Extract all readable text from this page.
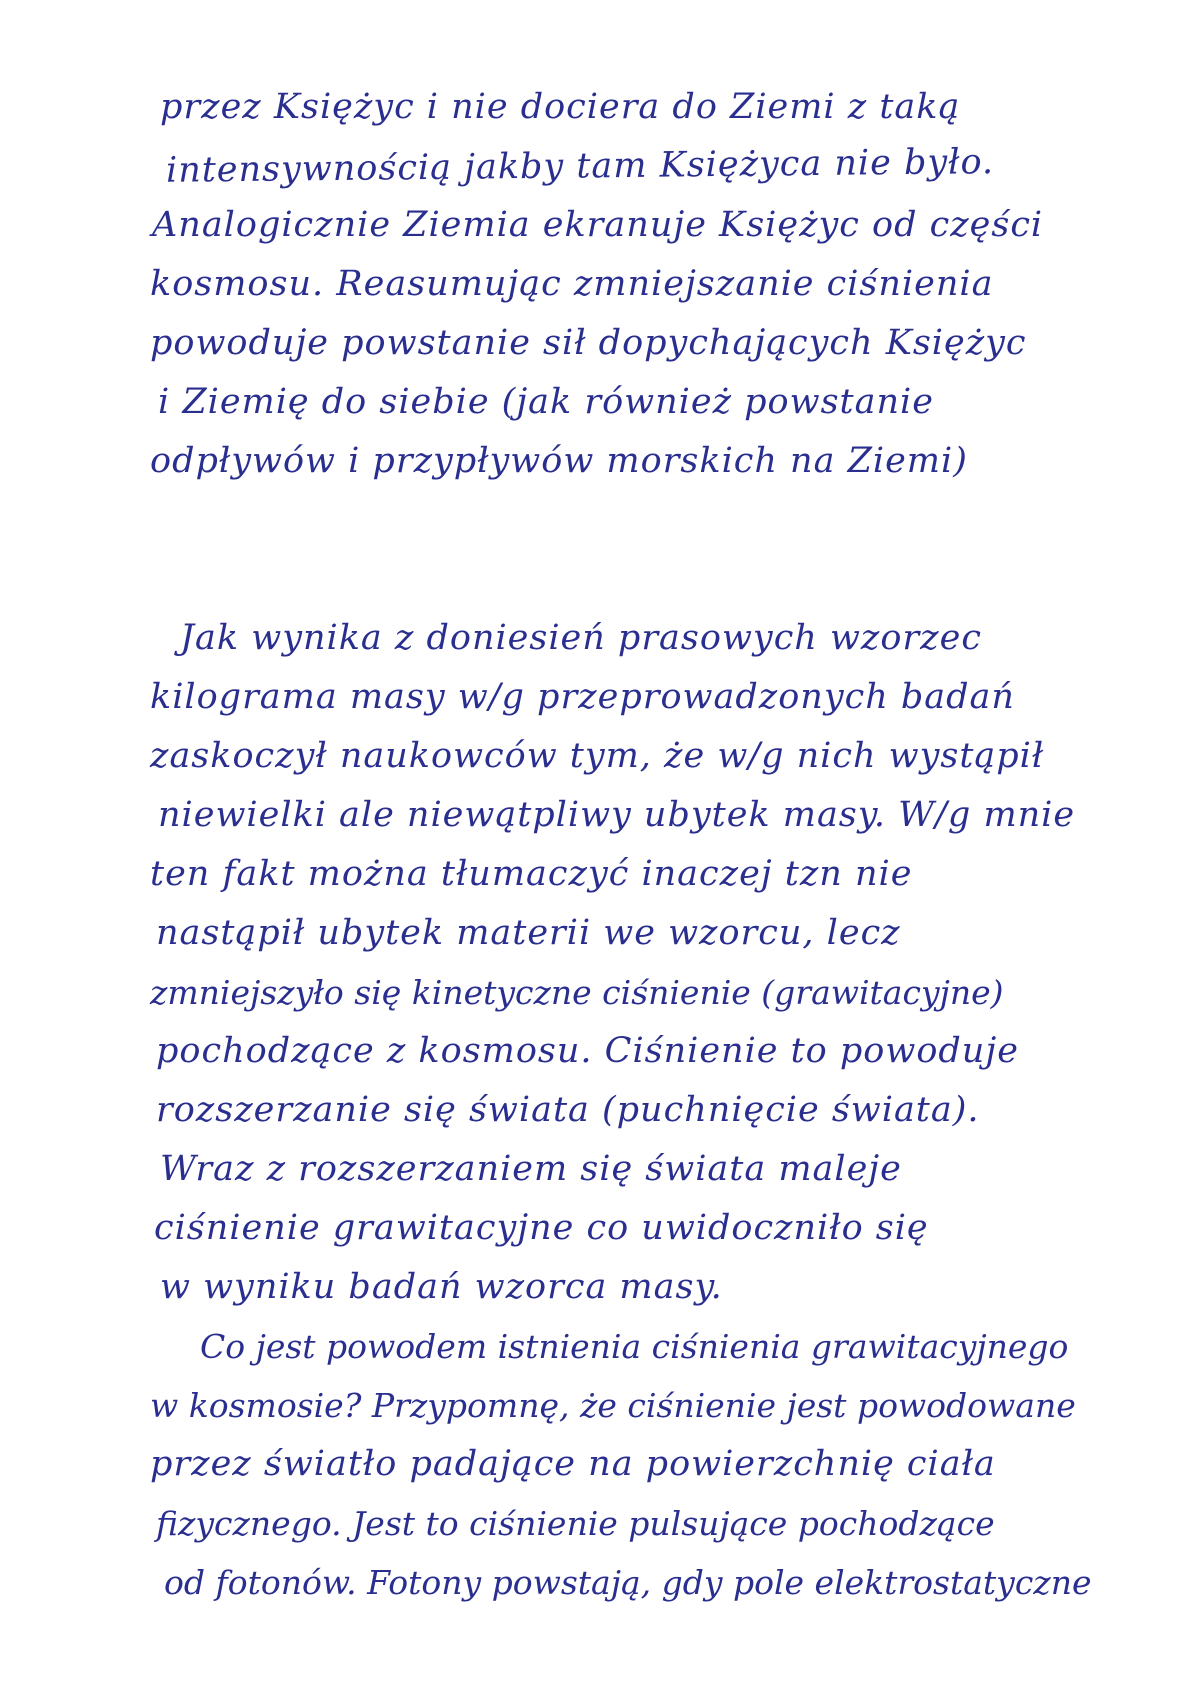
przez Księżyc i nie dociera do Ziemi z taką
intensywnością jakby tam Księżyca nie było.
Analogicznie Ziemia ekranuje Księżyc od części
kosmosu. Reasumując zmniejszanie ciśnienia
powoduje powstanie sił dopychających Księżyc
i Ziemię do siebie (jak również powstanie
odpływów i przypływów morskich na Ziemi)
Jak wynika z doniesień prasowych wzorzec
kilograma masy w/g przeprowadzonych badań
zaskoczył naukowców tym, że w/g nich wystąpił
niewielki ale niewątpliwy ubytek masy. W/g mnie
ten fakt można tłumaczyć inaczej tzn nie
nastąpił ubytek materii we wzorcu, lecz
zmniejszyło się kinetyczne ciśnienie (grawitacyjne)
pochodzące z kosmosu. Ciśnienie to powoduje
rozszerzanie się świata (puchnięcie świata).
Wraz z rozszerzaniem się świata maleje
ciśnienie grawitacyjne co uwidoczniło się
w wyniku badań wzorca masy.
Co jest powodem istnienia ciśnienia grawitacyjnego
w kosmosie? Przypomnę, że ciśnienie jest powodowane
przez światło padające na powierzchnię ciała
fizycznego. Jest to ciśnienie pulsujące pochodzące
od fotonów. Fotony powstają, gdy pole elektrostatyczne
